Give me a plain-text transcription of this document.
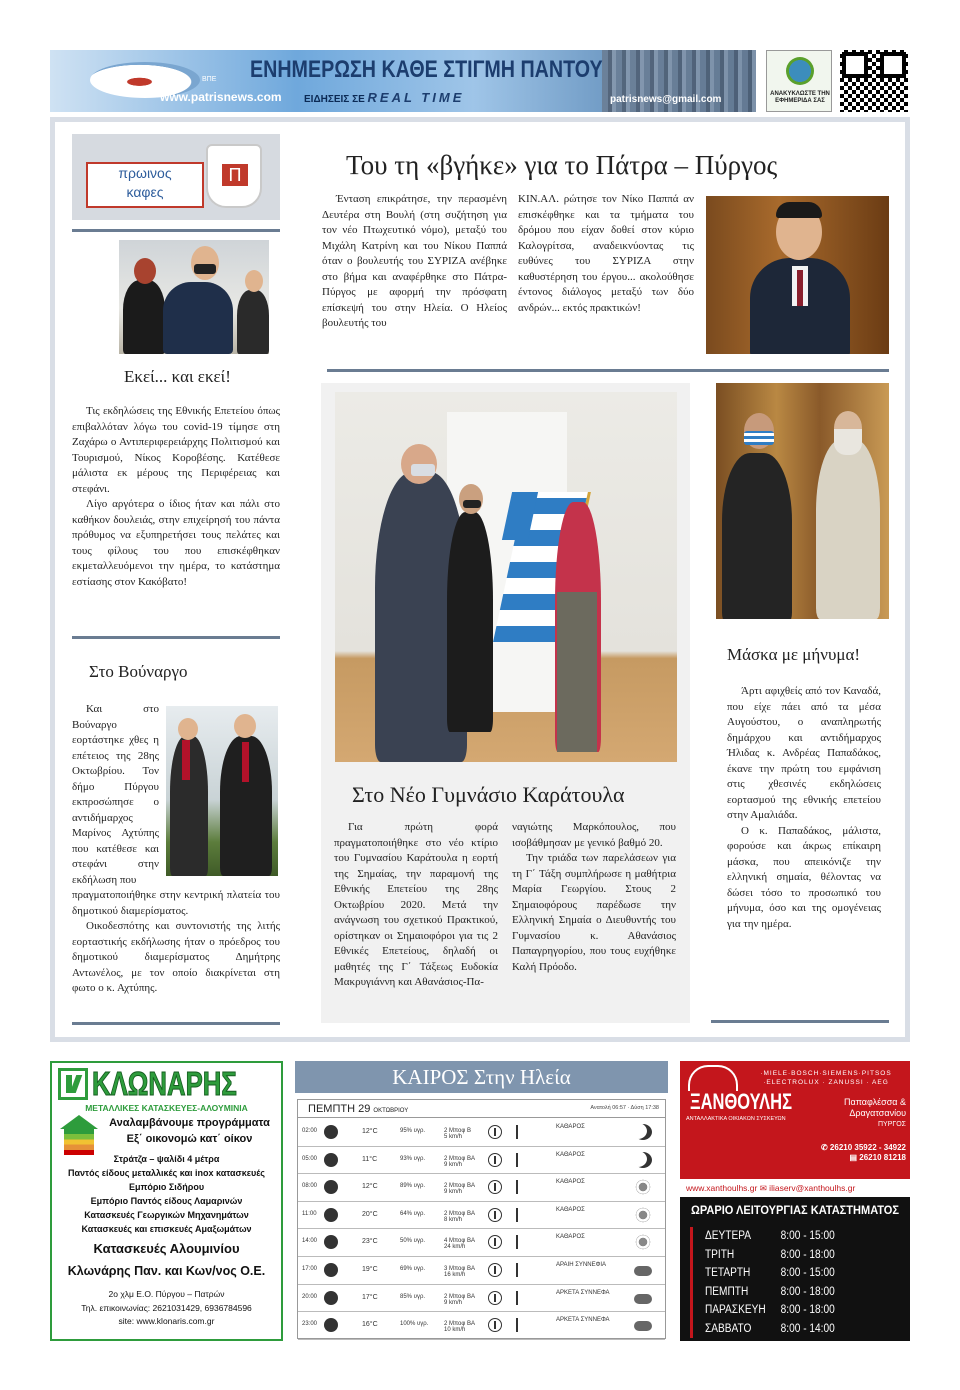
ΒΠΕ
www.patrisnews.com
ΕΝΗΜΕΡΩΣΗ ΚΑΘΕ ΣΤΙΓΜΗ ΠΑΝΤΟΥ
ΕΙΔΗΣΕΙΣ ΣΕ REAL TIME	patrisnews@gmail.com	ΑΝΑΚΥΚΛΩΣΤΕ ΤΗΝ ΕΦΗΜΕΡΙΔΑ ΣΑΣ
πρωινος
καφες
Π	Του τη «βγήκε» για το Πάτρα – Πύργος

Ένταση επικράτησε, την περασμένη Δευτέρα στη Βουλή (στη συζήτηση για τον νέο Πτωχευτικό νόμο), μεταξύ του Μιχάλη Κατρίνη και του Νίκου Παππά όταν ο βουλευτής του ΣΥΡΙΖΑ ανέβηκε στο βήμα και αναφέρθηκε στο Πάτρα-Πύργος με αφορμή την πρόσφατη επίσκεψή του στην Ηλεία. Ο Ηλείος βουλευτής του

ΚΙΝ.ΑΛ. ρώτησε τον Νίκο Παππά αν επισκέφθηκε και τα τμήματα του δρόμου που είχαν δοθεί στον κύριο Καλογρίτσα, αναδεικνύοντας τις ευθύνες του ΣΥΡΙΖΑ στην καθυστέρηση του έργου... ακολούθησε έντονος διάλογος μεταξύ των δύο ανδρών... εκτός πρακτικών!

Εκεί... και εκεί!

Τις εκδηλώσεις της Εθνικής Επετείου όπως επιβαλλόταν λόγω του covid-19 τίμησε στη Ζαχάρω ο Αντιπεριφερειάρχης Πολιτισμού και Τουρισμού, Νίκος Κοροβέσης. Κατέθεσε μάλιστα εκ μέρους της Περιφέρειας και στεφάνι.

Λίγο αργότερα ο ίδιος ήταν και πάλι στο καθήκον δουλειάς, στην επιχείρησή του πάντα πρόθυμος να εξυπηρετήσει τους πελάτες και τους φίλους του που επισκέφθηκαν εκμεταλλευόμενοι την ημέρα, το κατάστημα εστίασης στον Κακόβατο!

Στο Βούναργο

Και στο Βούναργο εορτάστηκε χθες η επέτειος της 28ης Οκτωβρίου. Τον δήμο Πύργου εκπροσώπησε ο αντιδήμαρχος Μαρίνος Αχτύπης που κατέθεσε και στεφάνι στην εκδήλωση που

πραγματοποιήθηκε στην κεντρική πλατεία του δημοτικού διαμερίσματος.

Οικοδεσπότης και συντονιστής της λιτής εορταστικής εκδήλωσης ήταν ο πρόεδρος του δημοτικού διαμερίσματος Δημήτρης Αντωνέλος, με τον οποίο διακρίνεται στη φωτο ο κ. Αχτύπης.

Στο Νέο Γυμνάσιο Καράτουλα

Για πρώτη φορά πραγματοποιήθηκε στο νέο κτίριο του Γυμνασίου Καράτουλα η εορτή της Σημαίας, την παραμονή της Εθνικής Επετείου της 28ης Οκτωβρίου 2020. Μετά την ανάγνωση του σχετικού Πρακτικού, ορίστηκαν οι Σημαιοφόροι για τις 2 Εθνικές Επετείους, δηλαδή οι μαθητές της Γ΄ Τάξεως Ευδοκία Μακρυγιάννη και Αθανάσιος-Πα-

ναγιώτης Μαρκόπουλος, που ισοβάθμησαν με γενικό βαθμό 20.

Την τριάδα των παρελάσεων για τη Γ΄ Τάξη συμπλήρωσε η μαθήτρια Μαρία Γεωργίου. Στους 2 Σημαιοφόρους παρέδωσε την Ελληνική Σημαία ο Διευθυντής του Γυμνασίου κ. Αθανάσιος Παπαγρηγορίου, που τους ευχήθηκε Καλή Πρόοδο.

Μάσκα με μήνυμα!

Άρτι αφιχθείς από τον Καναδά, που είχε πάει από τα μέσα Αυγούστου, ο αναπληρωτής δημάρχου και αντιδήμαρχος Ήλιδας κ. Ανδρέας Παπαδάκος, έκανε την πρώτη του εμφάνιση στις χθεσινές εκδηλώσεις εορτασμού της εθνικής επετείου στην Αμαλιάδα.

Ο κ. Παπαδάκος, μάλιστα, φορούσε και άκρως επίκαιρη μάσκα, που απεικόνιζε την ελληνική σημαία, θέλοντας να δώσει τόσο το προσωπικό του μήνυμα, όσο και της ομογένειας για την ημέρα.

ΚΛΩΝΑΡΗΣ
ΜΕΤΑΛΛΙΚΕΣ ΚΑΤΑΣΚΕΥΕΣ-ΑΛΟΥΜΙΝΙΑ
Αναλαμβάνουμε προγράμματα
Εξ΄ οικονομώ κατ΄ οίκον
Στράτζα – ψαλίδι 4 μέτρα
Παντός είδους μεταλλικές και inox κατασκευές
Εμπόριο Σιδήρου
Εμπόριο Παντός είδους Λαμαρινών
Κατασκευές Γεωργικών Μηχανημάτων
Κατασκευές και επισκευές Αμαξωμάτων
Κατασκευές Αλουμινίου
Κλωνάρης Παν. και Κων/νος Ο.Ε.
2ο χλμ Ε.Ο. Πύργου – Πατρών
Τηλ. επικοινωνίας: 2621031429, 6936784596
site: www.klonaris.com.gr
ΚΑΙΡΟΣ Στην Ηλεία
ΠΕΜΠΤΗ 29 ΟΚΤΩΒΡΙΟΥ	Ανατολή 06:57 · Δύση 17:38
02:00	12°C	95% υγρ.	2 Μποφ Β
5 km/h
ΚΑΘΑΡΟΣ
05:00	11°C	93% υγρ.	2 Μποφ ΒΑ
9 km/h
ΚΑΘΑΡΟΣ
08:00	12°C	89% υγρ.	2 Μποφ ΒΑ
9 km/h
ΚΑΘΑΡΟΣ
11:00	20°C	64% υγρ.	2 Μποφ ΒΑ
8 km/h
ΚΑΘΑΡΟΣ
14:00	23°C	50% υγρ.	4 Μποφ ΒΑ
24 km/h
ΚΑΘΑΡΟΣ
17:00	19°C	69% υγρ.	3 Μποφ ΒΑ
16 km/h
ΑΡΑΙΗ ΣΥΝΝΕΦΙΑ
20:00	17°C	85% υγρ.	2 Μποφ ΒΑ
9 km/h
ΑΡΚΕΤΑ ΣΥΝΝΕΦΑ
23:00	16°C	100% υγρ.	2 Μποφ ΒΑ
10 km/h
ΑΡΚΕΤΑ ΣΥΝΝΕΦΑ
·MIELE·BOSCH·SIEMENS·PITSOS ·ELECTROLUX · ZANUSSI · AEG
ΞΑΝΘΟΥΛΗΣ
ΑΝΤΑΛΛΑΚΤΙΚΑ ΟΙΚΙΑΚΩΝ ΣΥΣΚΕΥΩΝ
Παπαφλέσσα &
Δραγατσανίου
ΠΥΡΓΟΣ
✆ 26210 35922 - 34922
▤ 26210 81218
www.xanthoulhs.gr ✉ iliaserv@xanthoulhs.gr
ΩΡΑΡΙΟ ΛΕΙΤΟΥΡΓΙΑΣ ΚΑΤΑΣΤΗΜΑΤΟΣ
ΔΕΥΤΕΡΑ	8:00 - 15:00
ΤΡΙΤΗ	8:00 - 18:00
ΤΕΤΑΡΤΗ	8:00 - 15:00
ΠΕΜΠΤΗ	8:00 - 18:00
ΠΑΡΑΣΚΕΥΗ	8:00 - 18:00
ΣΑΒΒΑΤΟ	8:00 - 14:00
